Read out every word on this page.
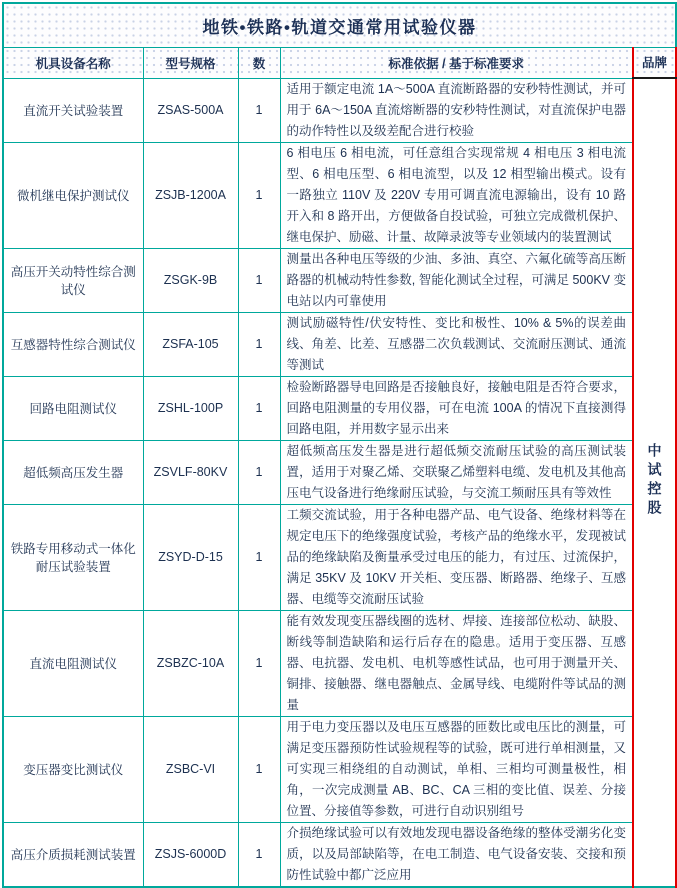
地铁•铁路•轨道交通常用试验仪器				
机具设备名称	型号规格	数	标准依据 / 基于标准要求	品牌
直流开关试验装置	ZSAS-500A	1	适用于额定电流 1A～500A 直流断路器的安秒特性测试，并可用于 6A～150A 直流熔断器的安秒特性测试，对直流保护电器的动作特性以及级差配合进行校验	中试控股
微机继电保护测试仪	ZSJB-1200A	1	6 相电压 6 相电流，可任意组合实现常规 4 相电压 3 相电流型、6 相电压型、6 相电流型，以及 12 相型输出模式。设有一路独立 110V 及 220V 专用可调直流电源输出，设有 10 路开入和 8 路开出，方便做备自投试验，可独立完成微机保护、继电保护、励磁、计量、故障录波等专业领域内的装置测试	
高压开关动特性综合测试仪	ZSGK-9B	1	测量出各种电压等级的少油、多油、真空、六氟化硫等高压断路器的机械动特性参数, 智能化测试全过程，可满足 500KV 变电站以内可靠使用	
互感器特性综合测试仪	ZSFA-105	1	测试励磁特性/伏安特性、变比和极性、10% & 5%的误差曲线、角差、比差、互感器二次负载测试、交流耐压测试、通流等测试	
回路电阻测试仪	ZSHL-100P	1	检验断路器导电回路是否接触良好，接触电阻是否符合要求，回路电阻测量的专用仪器，可在电流 100A 的情况下直接测得回路电阻，并用数字显示出来	
超低频高压发生器	ZSVLF-80KV	1	超低频高压发生器是进行超低频交流耐压试验的高压测试装置，适用于对聚乙烯、交联聚乙烯塑料电缆、发电机及其他高压电气设备进行绝缘耐压试验，与交流工频耐压具有等效性	
铁路专用移动式一体化耐压试验装置	ZSYD-D-15	1	工频交流试验，用于各种电器产品、电气设备、绝缘材料等在规定电压下的绝缘强度试验，考核产品的绝缘水平，发现被试品的绝缘缺陷及衡量承受过电压的能力，有过压、过流保护，满足 35KV 及 10KV 开关柜、变压器、断路器、绝缘子、互感器、电缆等交流耐压试验	
直流电阻测试仪	ZSBZC-10A	1	能有效发现变压器线圈的选材、焊接、连接部位松动、缺股、断线等制造缺陷和运行后存在的隐患。适用于变压器、互感器、电抗器、发电机、电机等感性试品，也可用于测量开关、铜排、接触器、继电器触点、金属导线、电缆附件等试品的测量	
变压器变比测试仪	ZSBC-VI	1	用于电力变压器以及电压互感器的匝数比或电压比的测量，可满足变压器预防性试验规程等的试验，既可进行单相测量，又可实现三相绕组的自动测试，单相、三相均可测量极性，相角，一次完成测量 AB、BC、CA 三相的变比值、误差、分接位置、分接值等参数，可进行自动识别组号	
高压介质损耗测试装置	ZSJS-6000D	1	介损绝缘试验可以有效地发现电器设备绝缘的整体受潮劣化变质，以及局部缺陷等，在电工制造、电气设备安装、交接和预防性试验中都广泛应用	
